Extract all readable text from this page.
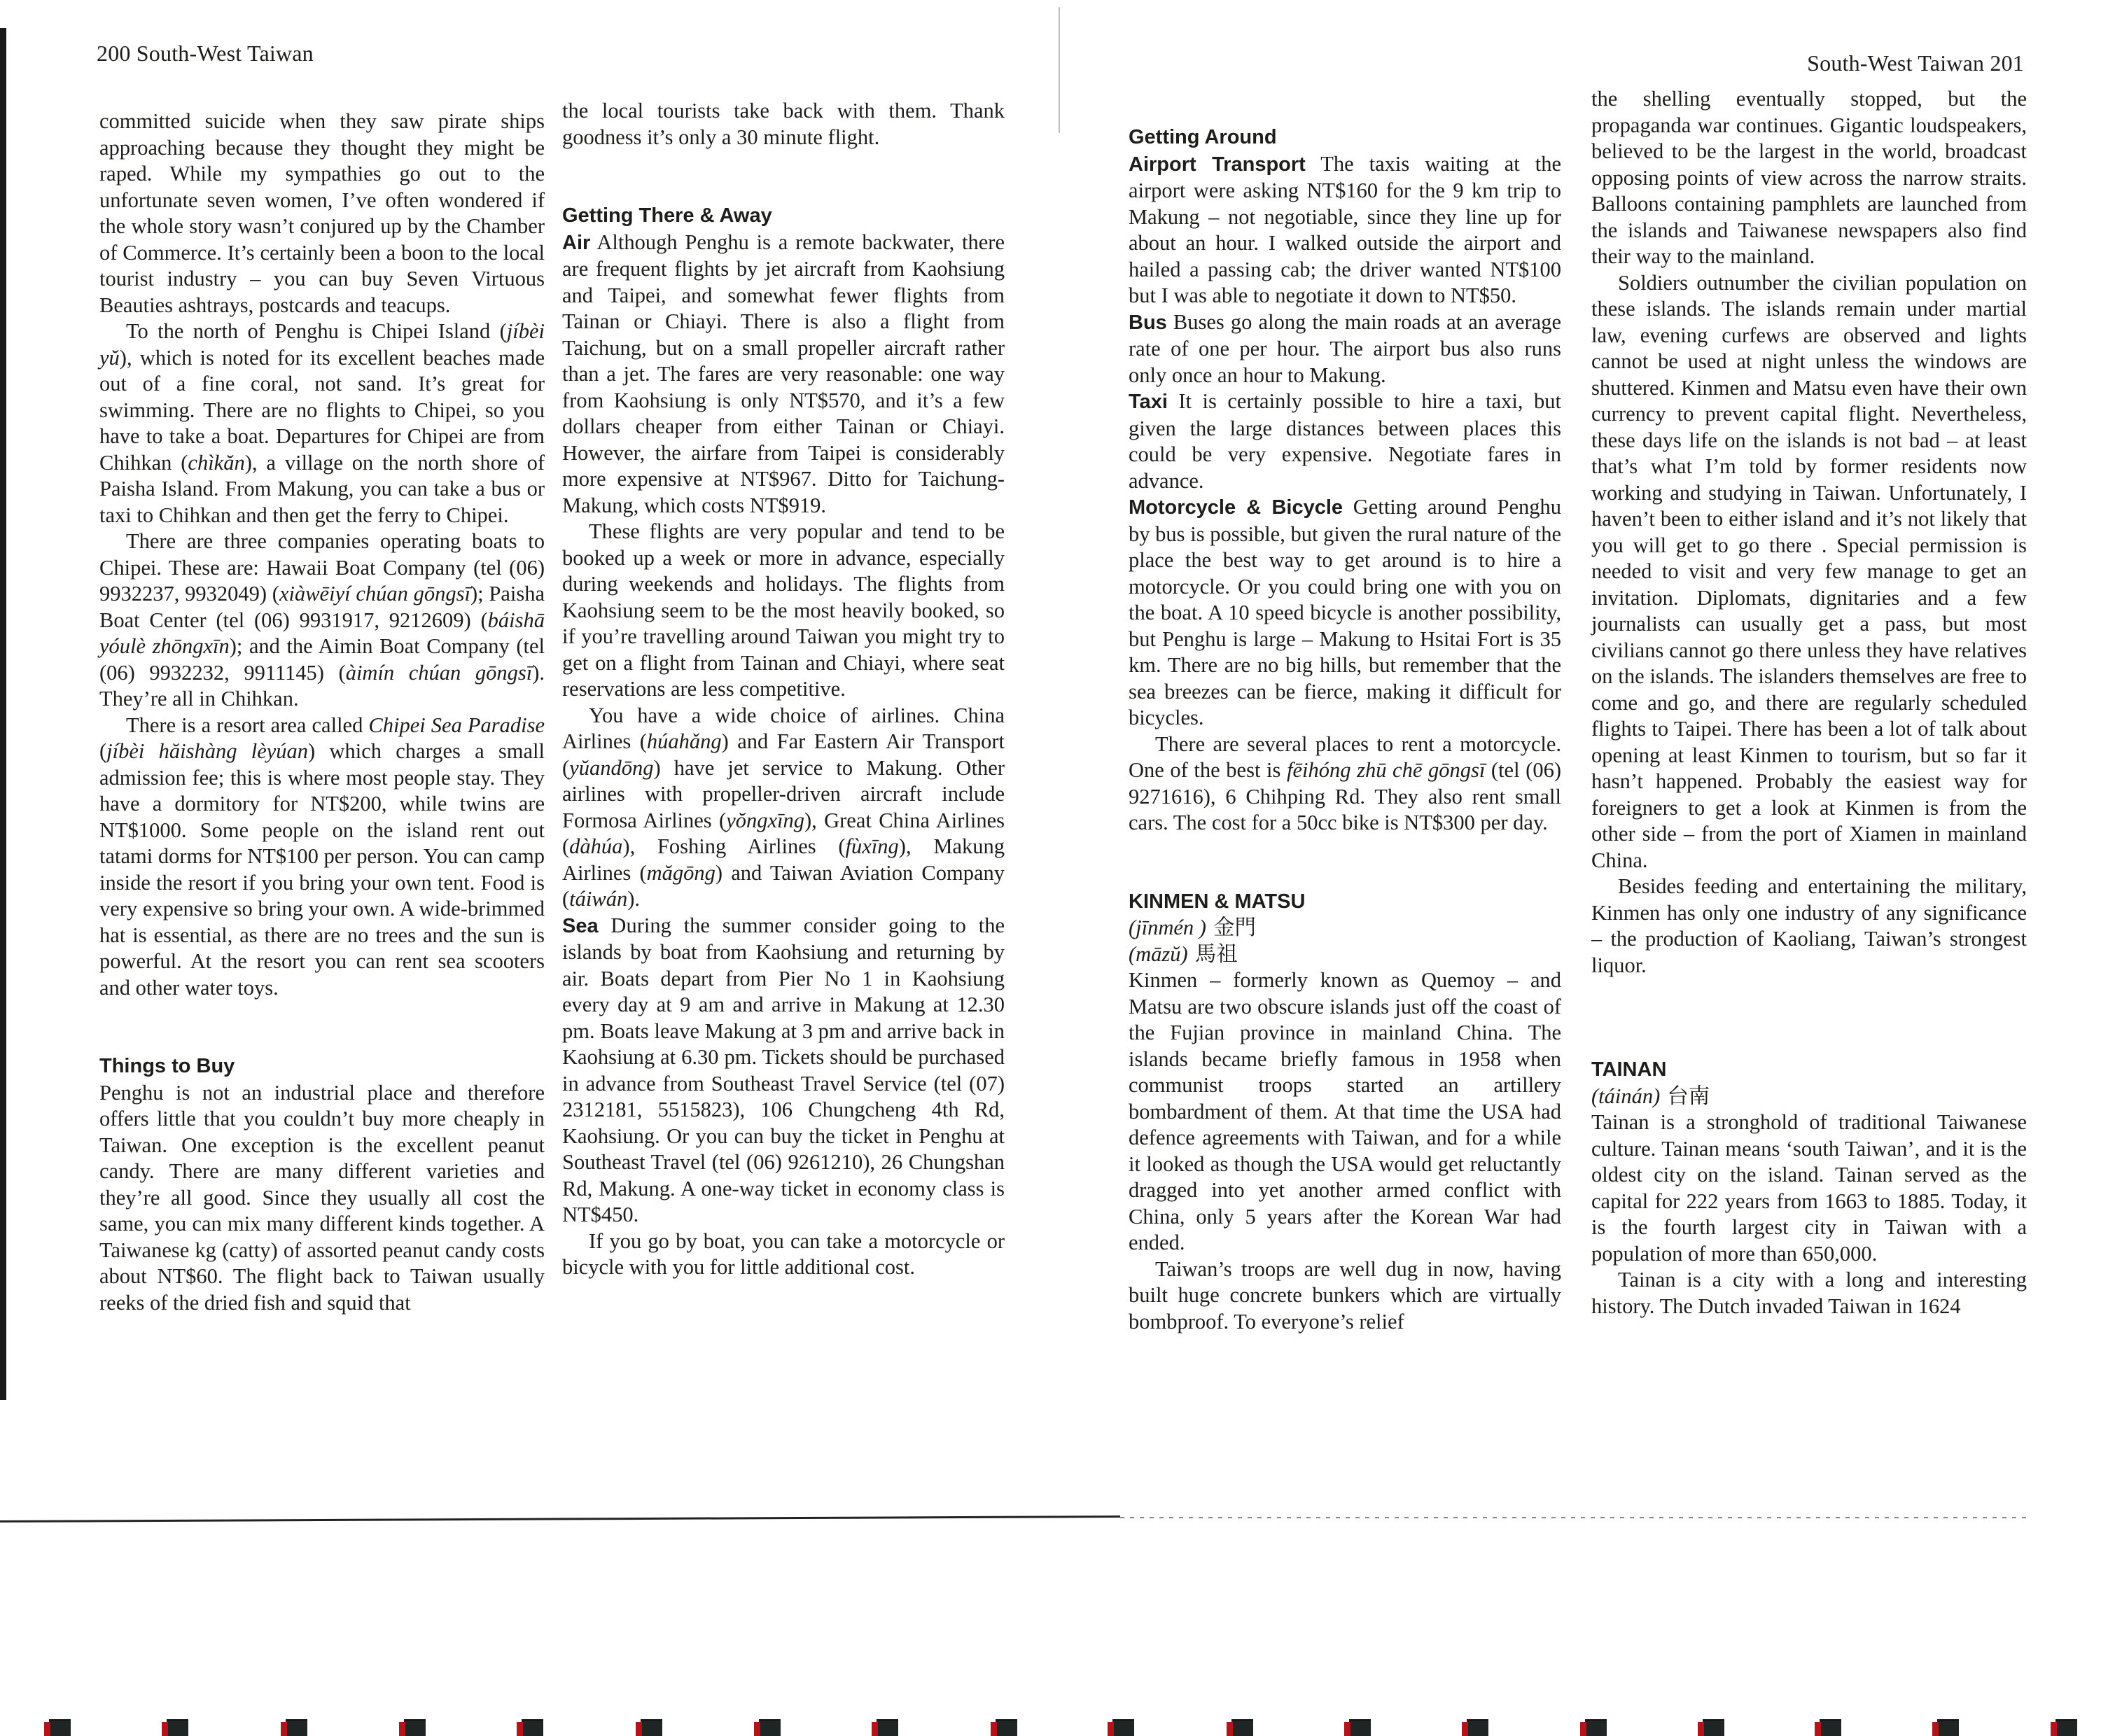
200 South-West Taiwan

committed suicide when they saw pirate ships approaching because they thought they might be raped. While my sympathies go out to the unfortunate seven women, I’ve often wondered if the whole story wasn’t conjured up by the Chamber of Commerce. It’s certainly been a boon to the local tourist industry – you can buy Seven Virtuous Beauties ashtrays, postcards and teacups.

To the north of Penghu is Chipei Island (jíbèi yŭ), which is noted for its excellent beaches made out of a fine coral, not sand. It’s great for swimming. There are no flights to Chipei, so you have to take a boat. Departures for Chipei are from Chihkan (chìkăn), a village on the north shore of Paisha Island. From Makung, you can take a bus or taxi to Chihkan and then get the ferry to Chipei.

There are three companies operating boats to Chipei. These are: Hawaii Boat Company (tel (06) 9932237, 9932049) (xiàwēiyí chúan gōngsī); Paisha Boat Center (tel (06) 9931917, 9212609) (báishā yóulè zhōngxīn); and the Aimin Boat Company (tel (06) 9932232, 9911145) (àimín chúan gōngsī). They’re all in Chihkan.

There is a resort area called Chipei Sea Paradise (jíbèi hăishàng lèyúan) which charges a small admission fee; this is where most people stay. They have a dormitory for NT$200, while twins are NT$1000. Some people on the island rent out tatami dorms for NT$100 per person. You can camp inside the resort if you bring your own tent. Food is very expensive so bring your own. A wide-brimmed hat is essential, as there are no trees and the sun is powerful. At the resort you can rent sea scooters and other water toys.

Things to Buy

Penghu is not an industrial place and therefore offers little that you couldn’t buy more cheaply in Taiwan. One exception is the excellent peanut candy. There are many different varieties and they’re all good. Since they usually all cost the same, you can mix many different kinds together. A Taiwanese kg (catty) of assorted peanut candy costs about NT$60. The flight back to Taiwan usually reeks of the dried fish and squid that

the local tourists take back with them. Thank goodness it’s only a 30 minute flight.

Getting There & Away

Air Although Penghu is a remote backwater, there are frequent flights by jet aircraft from Kaohsiung and Taipei, and somewhat fewer flights from Tainan or Chiayi. There is also a flight from Taichung, but on a small propeller aircraft rather than a jet. The fares are very reasonable: one way from Kaohsiung is only NT$570, and it’s a few dollars cheaper from either Tainan or Chiayi. However, the airfare from Taipei is considerably more expensive at NT$967. Ditto for Taichung-Makung, which costs NT$919.

These flights are very popular and tend to be booked up a week or more in advance, especially during weekends and holidays. The flights from Kaohsiung seem to be the most heavily booked, so if you’re travelling around Taiwan you might try to get on a flight from Tainan and Chiayi, where seat reservations are less competitive.

You have a wide choice of airlines. China Airlines (húahǎng) and Far Eastern Air Transport (yŭandōng) have jet service to Makung. Other airlines with propeller-driven aircraft include Formosa Airlines (yŏngxīng), Great China Airlines (dàhúa), Foshing Airlines (fùxīng), Makung Airlines (măgōng) and Taiwan Aviation Company (táiwán).

Sea During the summer consider going to the islands by boat from Kaohsiung and returning by air. Boats depart from Pier No 1 in Kaohsiung every day at 9 am and arrive in Makung at 12.30 pm. Boats leave Makung at 3 pm and arrive back in Kaohsiung at 6.30 pm. Tickets should be purchased in advance from Southeast Travel Service (tel (07) 2312181, 5515823), 106 Chungcheng 4th Rd, Kaohsiung. Or you can buy the ticket in Penghu at Southeast Travel (tel (06) 9261210), 26 Chungshan Rd, Makung. A one-way ticket in economy class is NT$450.

If you go by boat, you can take a motorcycle or bicycle with you for little additional cost.

South-West Taiwan 201
Getting Around

Airport Transport The taxis waiting at the airport were asking NT$160 for the 9 km trip to Makung – not negotiable, since they line up for about an hour. I walked outside the airport and hailed a passing cab; the driver wanted NT$100 but I was able to negotiate it down to NT$50.

Bus Buses go along the main roads at an average rate of one per hour. The airport bus also runs only once an hour to Makung.

Taxi It is certainly possible to hire a taxi, but given the large distances between places this could be very expensive. Negotiate fares in advance.

Motorcycle & Bicycle Getting around Penghu by bus is possible, but given the rural nature of the place the best way to get around is to hire a motorcycle. Or you could bring one with you on the boat. A 10 speed bicycle is another possibility, but Penghu is large – Makung to Hsitai Fort is 35 km. There are no big hills, but remember that the sea breezes can be fierce, making it difficult for bicycles.

There are several places to rent a motorcycle. One of the best is fēihóng zhū chē gōngsī (tel (06) 9271616), 6 Chihping Rd. They also rent small cars. The cost for a 50cc bike is NT$300 per day.

KINMEN & MATSU
(jīnmén ) 金門
(māzŭ) 馬祖

Kinmen – formerly known as Quemoy – and Matsu are two obscure islands just off the coast of the Fujian province in mainland China. The islands became briefly famous in 1958 when communist troops started an artillery bombardment of them. At that time the USA had defence agreements with Taiwan, and for a while it looked as though the USA would get reluctantly dragged into yet another armed conflict with China, only 5 years after the Korean War had ended.

Taiwan’s troops are well dug in now, having built huge concrete bunkers which are virtually bombproof. To everyone’s relief

the shelling eventually stopped, but the propaganda war continues. Gigantic loudspeakers, believed to be the largest in the world, broadcast opposing points of view across the narrow straits. Balloons containing pamphlets are launched from the islands and Taiwanese newspapers also find their way to the mainland.

Soldiers outnumber the civilian population on these islands. The islands remain under martial law, evening curfews are observed and lights cannot be used at night unless the windows are shuttered. Kinmen and Matsu even have their own currency to prevent capital flight. Nevertheless, these days life on the islands is not bad – at least that’s what I’m told by former residents now working and studying in Taiwan. Unfortunately, I haven’t been to either island and it’s not likely that you will get to go there . Special permission is needed to visit and very few manage to get an invitation. Diplomats, dignitaries and a few journalists can usually get a pass, but most civilians cannot go there unless they have relatives on the islands. The islanders themselves are free to come and go, and there are regularly scheduled flights to Taipei. There has been a lot of talk about opening at least Kinmen to tourism, but so far it hasn’t happened. Probably the easiest way for foreigners to get a look at Kinmen is from the other side – from the port of Xiamen in mainland China.

Besides feeding and entertaining the military, Kinmen has only one industry of any significance – the production of Kaoliang, Taiwan’s strongest liquor.

TAINAN
(táinán) 台南

Tainan is a stronghold of traditional Taiwanese culture. Tainan means ‘south Taiwan’, and it is the oldest city on the island. Tainan served as the capital for 222 years from 1663 to 1885. Today, it is the fourth largest city in Taiwan with a population of more than 650,000.

Tainan is a city with a long and interesting history. The Dutch invaded Taiwan in 1624
